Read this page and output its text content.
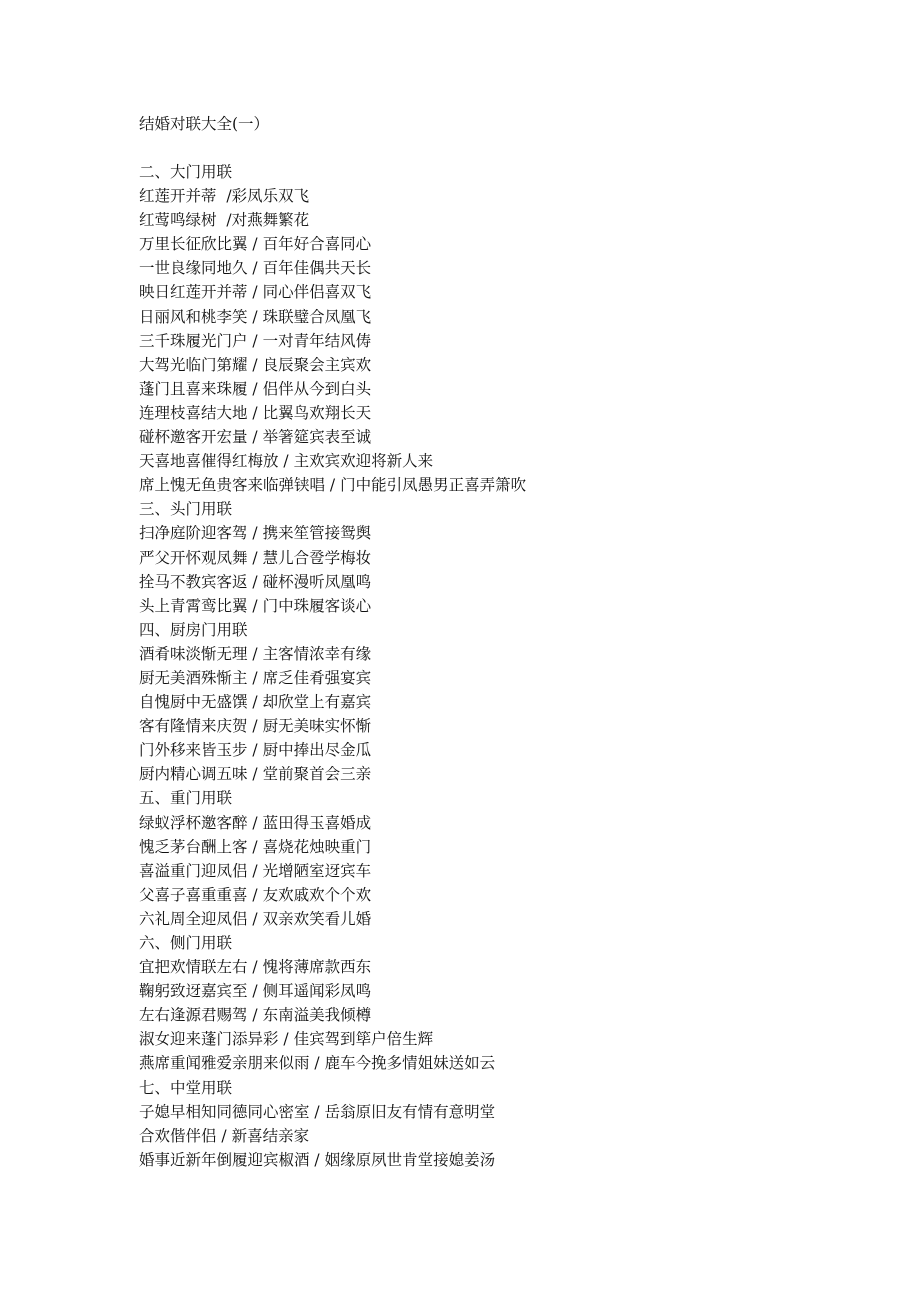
结婚对联大全(一）
二、大门用联
红莲开并蒂  /彩凤乐双飞
红莺鸣绿树  /对燕舞繁花
万里长征欣比翼 / 百年好合喜同心
一世良缘同地久 / 百年佳偶共天长
映日红莲开并蒂 / 同心伴侣喜双飞
日丽风和桃李笑 / 珠联璧合凤凰飞
三千珠履光门户 / 一对青年结风俦
大驾光临门第耀 / 良辰聚会主宾欢
蓬门且喜来珠履 / 侣伴从今到白头
连理枝喜结大地 / 比翼鸟欢翔长天
碰杯邀客开宏量 / 举箸筵宾表至诚
天喜地喜催得红梅放 / 主欢宾欢迎将新人来
席上愧无鱼贵客来临弹铗唱 / 门中能引凤愚男正喜弄箫吹
三、头门用联
扫净庭阶迎客驾 / 携来笙管接鸳舆
严父开怀观凤舞 / 慧儿合卺学梅妆
拴马不教宾客返 / 碰杯漫听凤凰鸣
头上青霄鸾比翼 / 门中珠履客谈心
四、厨房门用联
酒肴味淡惭无理 / 主客情浓幸有缘
厨无美酒殊惭主 / 席乏佳肴强宴宾
自愧厨中无盛馔 / 却欣堂上有嘉宾
客有隆情来庆贺 / 厨无美味实怀惭
门外移来皆玉步 / 厨中捧出尽金瓜
厨内精心调五味 / 堂前聚首会三亲
五、重门用联
绿蚁浮杯邀客醉 / 蓝田得玉喜婚成
愧乏茅台酬上客 / 喜烧花烛映重门
喜溢重门迎凤侣 / 光增陋室迓宾车
父喜子喜重重喜 / 友欢戚欢个个欢
六礼周全迎凤侣 / 双亲欢笑看儿婚
六、侧门用联
宜把欢情联左右 / 愧将薄席款西东
鞠躬致迓嘉宾至 / 侧耳遥闻彩凤鸣
左右逢源君赐驾 / 东南溢美我倾樽
淑女迎来蓬门添异彩 / 佳宾驾到筚户倍生辉
燕席重闻雅爱亲朋来似雨 / 鹿车今挽多情姐妹送如云
七、中堂用联
子媳早相知同德同心密室 / 岳翁原旧友有情有意明堂
合欢偕伴侣 / 新喜结亲家
婚事近新年倒履迎宾椒酒 / 姻缘原夙世肯堂接媳姜汤
